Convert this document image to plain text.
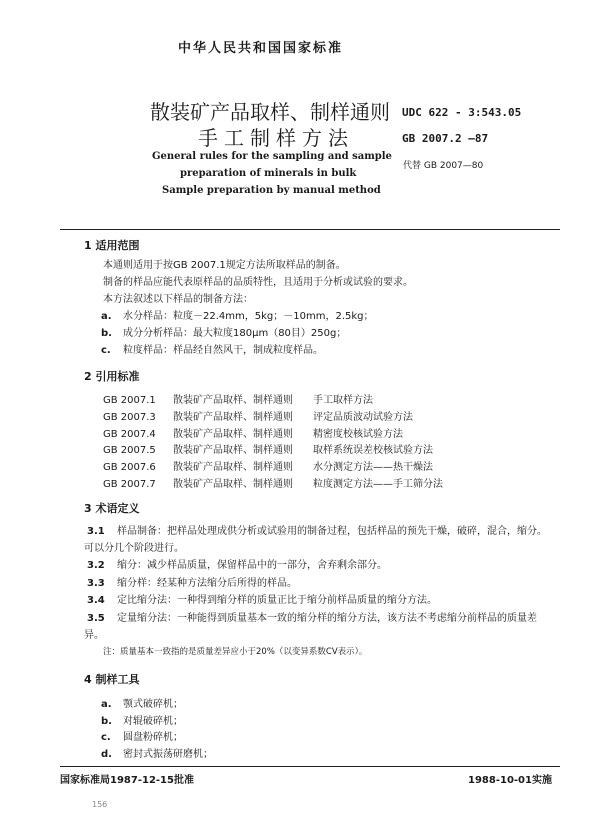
中华人民共和国国家标准
散装矿产品取样、制样通则
手工制样方法
UDC 622 - 3:543.05
GB 2007.2 —87
代替 GB 2007—80
General rules for the sampling and sample
preparation of minerals in bulk
Sample preparation by manual method
1 适用范围
本通则适用于按GB 2007.1规定方法所取样品的制备。
制备的样品应能代表原样品的品质特性，且适用于分析或试验的要求。
本方法叙述以下样品的制备方法：
a. 水分样品：粒度－22.4mm，5kg；－10mm，2.5kg；
b. 成分分析样品：最大粒度180μm（80目）250g；
c. 粒度样品：样品经自然风干，制成粒度样品。
2 引用标准
GB 2007.1 散装矿产品取样、制样通则 手工取样方法
GB 2007.3 散装矿产品取样、制样通则 评定品质波动试验方法
GB 2007.4 散装矿产品取样、制样通则 精密度校核试验方法
GB 2007.5 散装矿产品取样、制样通则 取样系统误差校核试验方法
GB 2007.6 散装矿产品取样、制样通则 水分测定方法——热干燥法
GB 2007.7 散装矿产品取样、制样通则 粒度测定方法——手工筛分法
3 术语定义
3.1 样品制备：把样品处理成供分析或试验用的制备过程，包括样品的预先干燥，破碎，混合，缩分。
可以分几个阶段进行。
3.2 缩分：减少样品质量，保留样品中的一部分，舍弃剩余部分。
3.3 缩分样：经某种方法缩分后所得的样品。
3.4 定比缩分法：一种得到缩分样的质量正比于缩分前样品质量的缩分方法。
3.5 定量缩分法：一种能得到质量基本一致的缩分样的缩分方法，该方法不考虑缩分前样品的质量差
异。
注：质量基本一致指的是质量差异应小于20%（以变异系数CV表示）。
4 制样工具
a. 颚式破碎机；
b. 对辊破碎机；
c. 圆盘粉碎机；
d. 密封式振荡研磨机；
国家标准局1987-12-15批准	1988-10-01实施
156
